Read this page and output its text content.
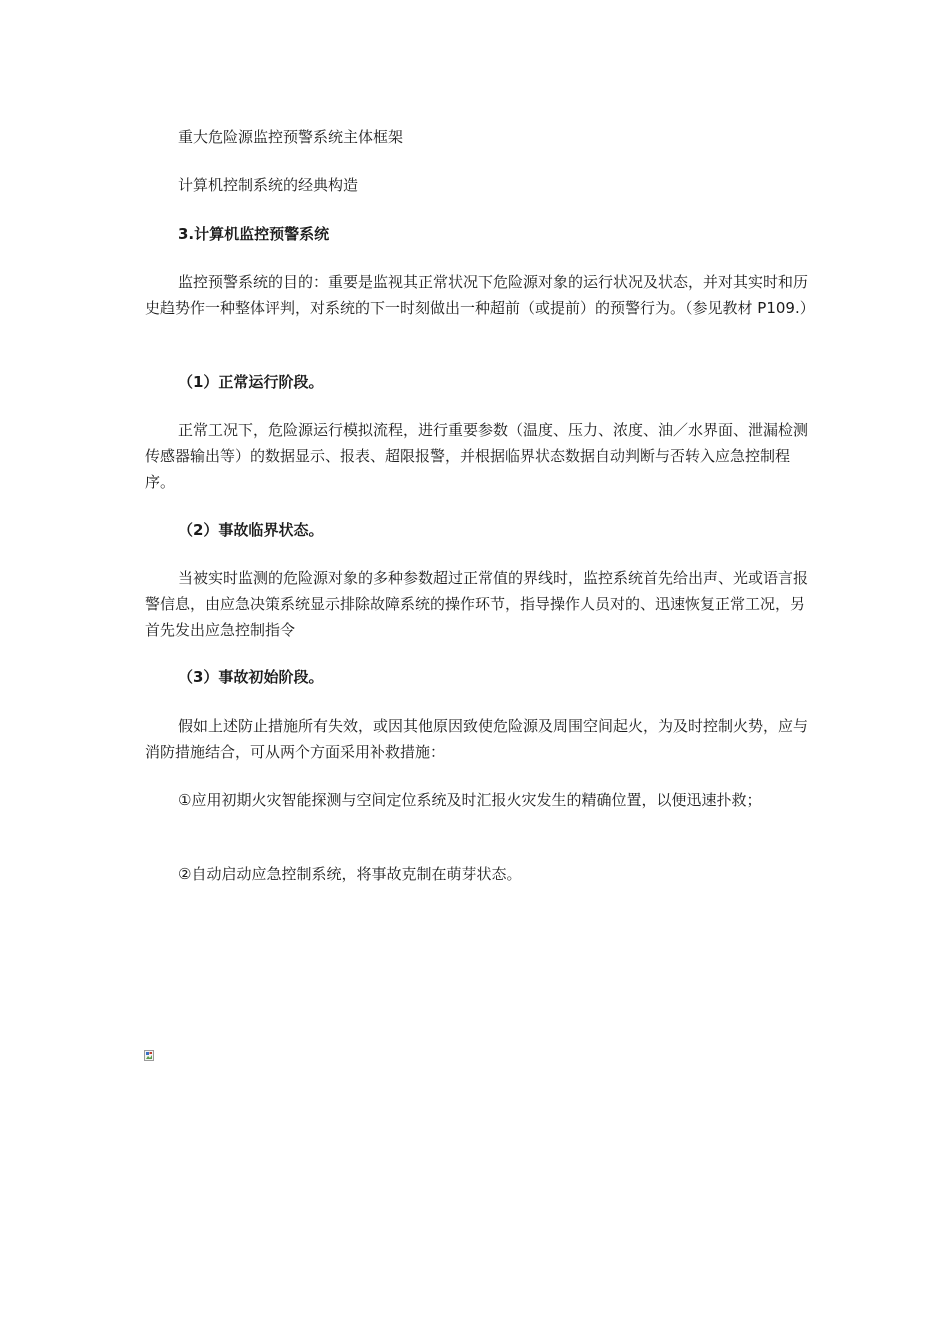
重大危险源监控预警系统主体框架

计算机控制系统的经典构造

3.计算机监控预警系统

监控预警系统的目的：重要是监视其正常状况下危险源对象的运行状况及状态，并对其实时和历史趋势作一种整体评判，对系统的下一时刻做出一种超前（或提前）的预警行为。（参见教材 P109.）

（1）正常运行阶段。

正常工况下，危险源运行模拟流程，进行重要参数（温度、压力、浓度、油／水界面、泄漏检测传感器输出等）的数据显示、报表、超限报警，并根据临界状态数据自动判断与否转入应急控制程序。

（2）事故临界状态。

当被实时监测的危险源对象的多种参数超过正常值的界线时，监控系统首先给出声、光或语言报警信息，由应急决策系统显示排除故障系统的操作环节，指导操作人员对的、迅速恢复正常工况，另首先发出应急控制指令

（3）事故初始阶段。

假如上述防止措施所有失效，或因其他原因致使危险源及周围空间起火，为及时控制火势，应与消防措施结合，可从两个方面采用补救措施：

①应用初期火灾智能探测与空间定位系统及时汇报火灾发生的精确位置，以便迅速扑救；

②自动启动应急控制系统，将事故克制在萌芽状态。
